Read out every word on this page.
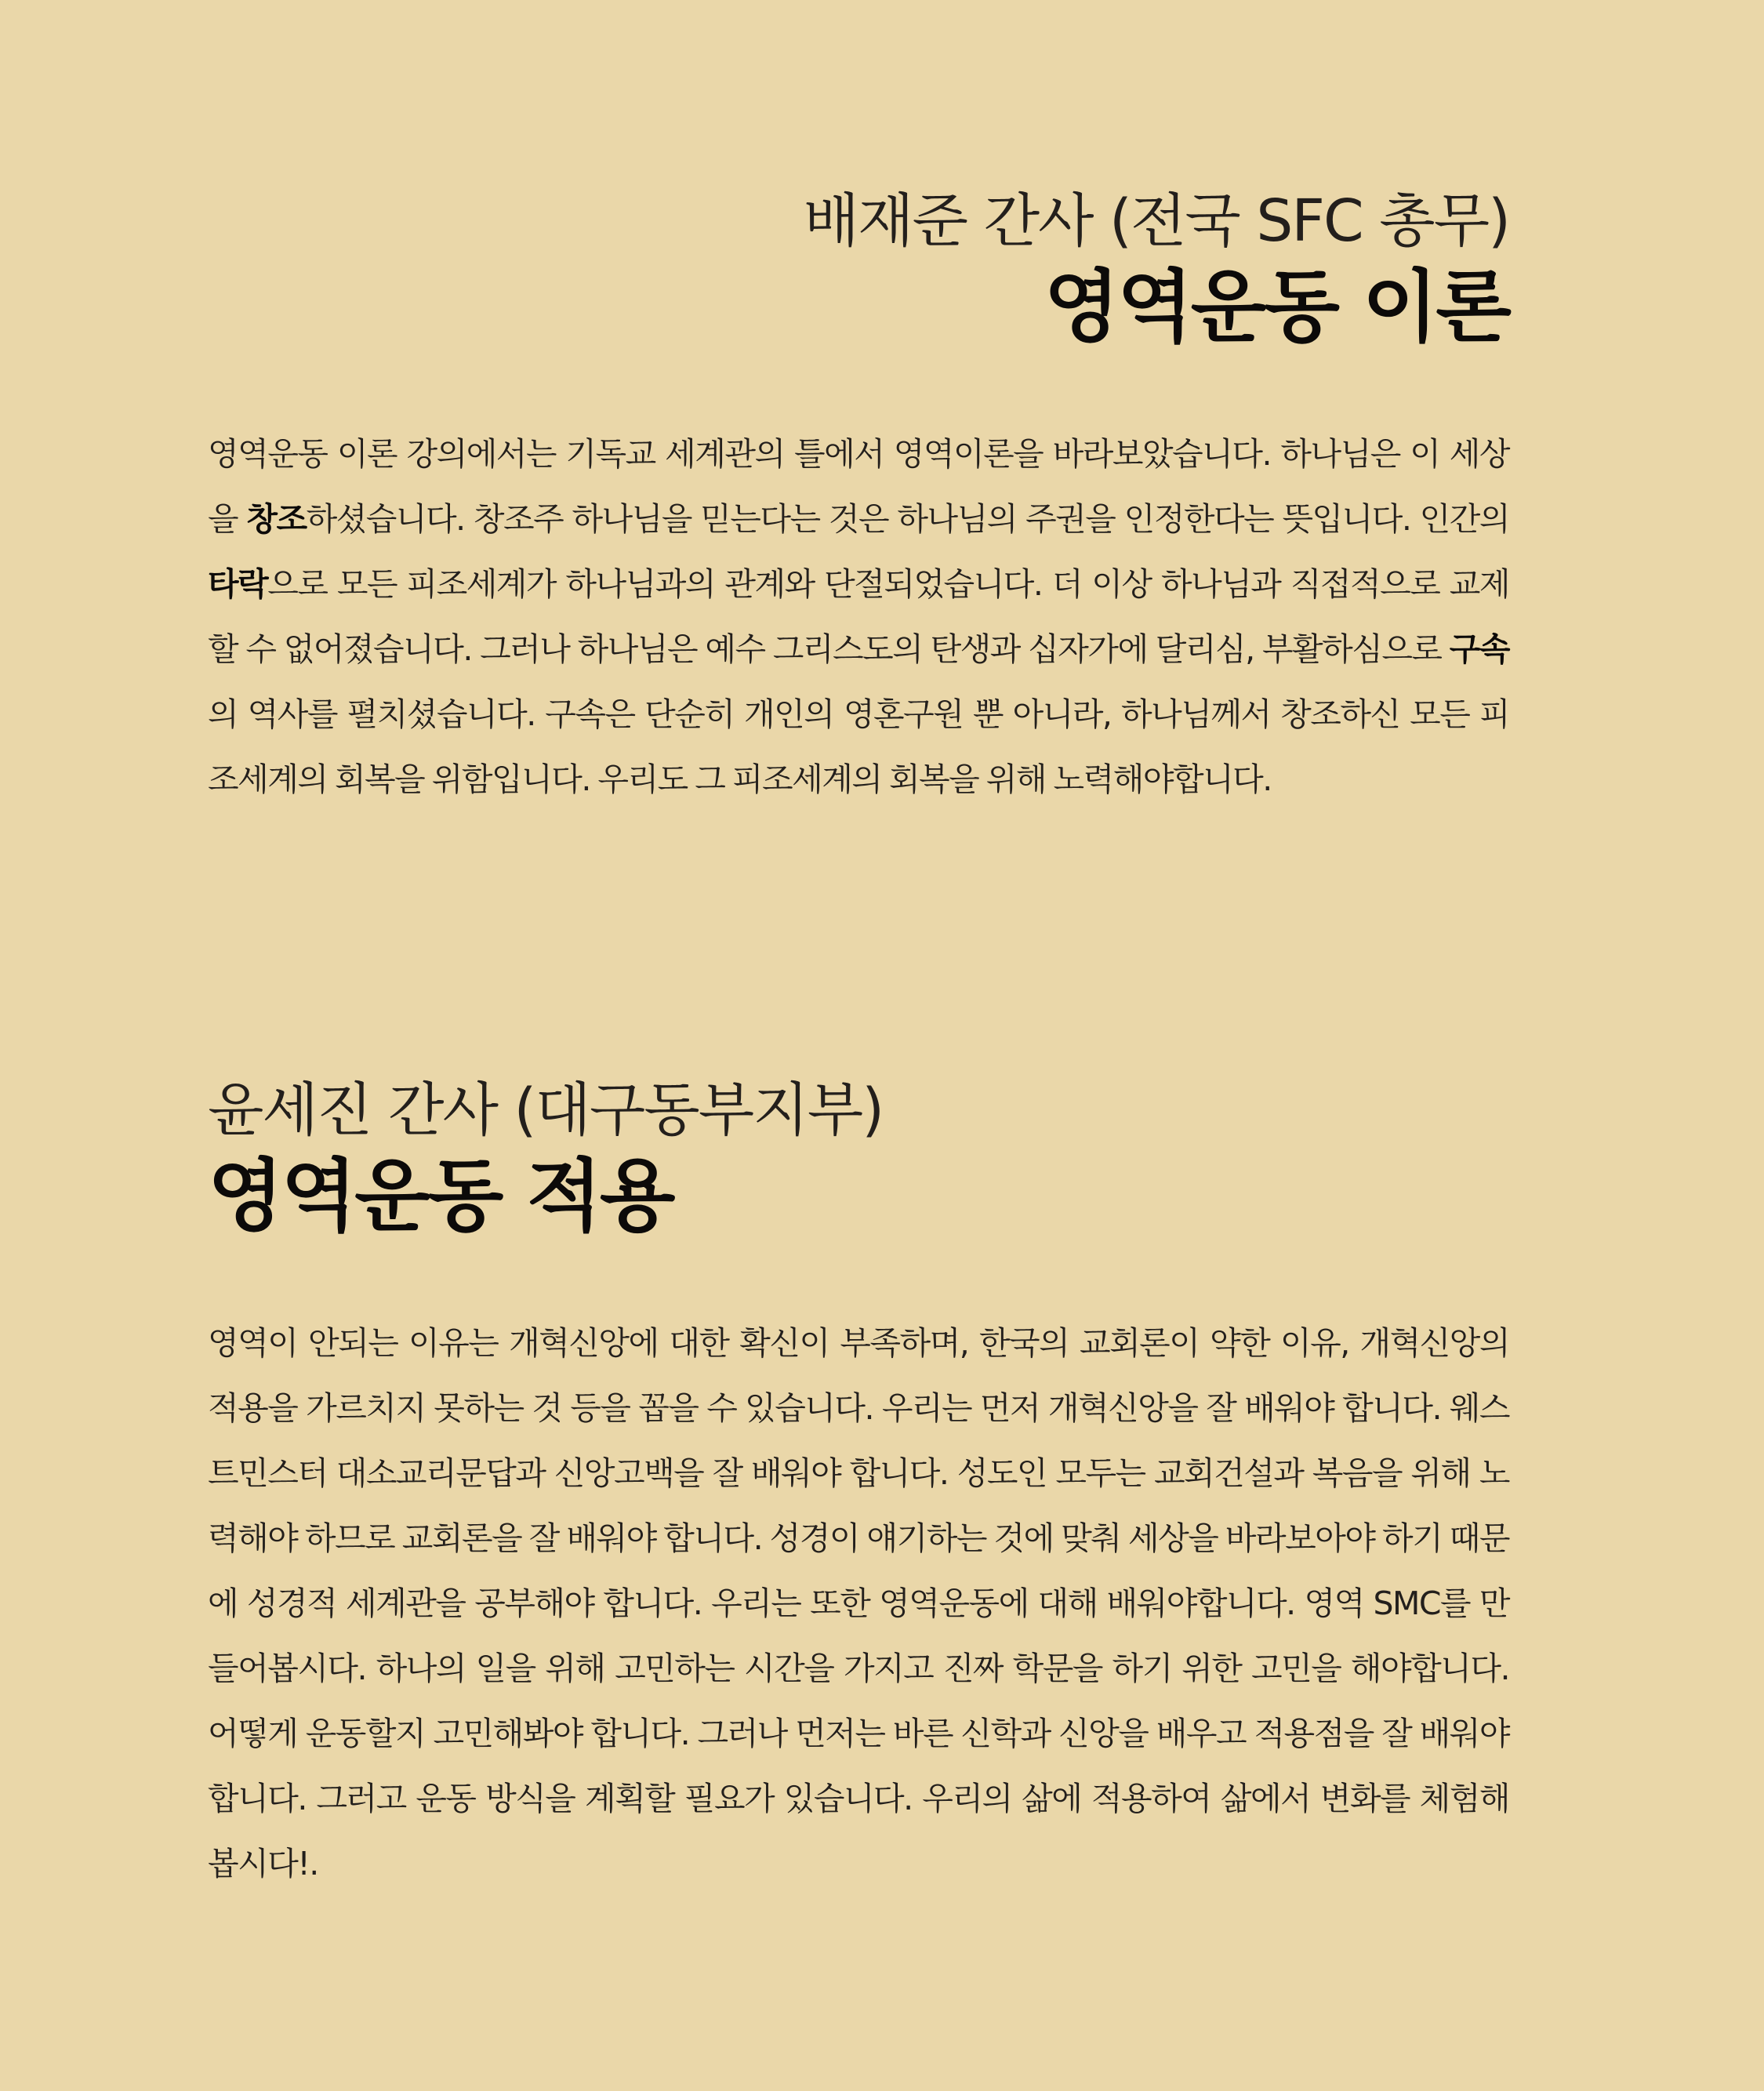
배재준 간사 (전국 SFC 총무)
영역운동 이론

영역운동 이론 강의에서는 기독교 세계관의 틀에서 영역이론을 바라보았습니다. 하나님은 이 세상을 창조하셨습니다. 창조주 하나님을 믿는다는 것은 하나님의 주권을 인정한다는 뜻입니다. 인간의 타락으로 모든 피조세계가 하나님과의 관계와 단절되었습니다. 더 이상 하나님과 직접적으로 교제할 수 없어졌습니다. 그러나 하나님은 예수 그리스도의 탄생과 십자가에 달리심, 부활하심으로 구속의 역사를 펼치셨습니다. 구속은 단순히 개인의 영혼구원 뿐 아니라, 하나님께서 창조하신 모든 피조세계의 회복을 위함입니다. 우리도 그 피조세계의 회복을 위해 노력해야합니다.

윤세진 간사 (대구동부지부)
영역운동 적용

영역이 안되는 이유는 개혁신앙에 대한 확신이 부족하며, 한국의 교회론이 약한 이유, 개혁신앙의 적용을 가르치지 못하는 것 등을 꼽을 수 있습니다. 우리는 먼저 개혁신앙을 잘 배워야 합니다. 웨스트민스터 대소교리문답과 신앙고백을 잘 배워야 합니다. 성도인 모두는 교회건설과 복음을 위해 노력해야 하므로 교회론을 잘 배워야 합니다. 성경이 얘기하는 것에 맞춰 세상을 바라보아야 하기 때문에 성경적 세계관을 공부해야 합니다. 우리는 또한 영역운동에 대해 배워야합니다. 영역 SMC를 만들어봅시다. 하나의 일을 위해 고민하는 시간을 가지고 진짜 학문을 하기 위한 고민을 해야합니다. 어떻게 운동할지 고민해봐야 합니다. 그러나 먼저는 바른 신학과 신앙을 배우고 적용점을 잘 배워야 합니다. 그러고 운동 방식을 계획할 필요가 있습니다. 우리의 삶에 적용하여 삶에서 변화를 체험해 봅시다!.
